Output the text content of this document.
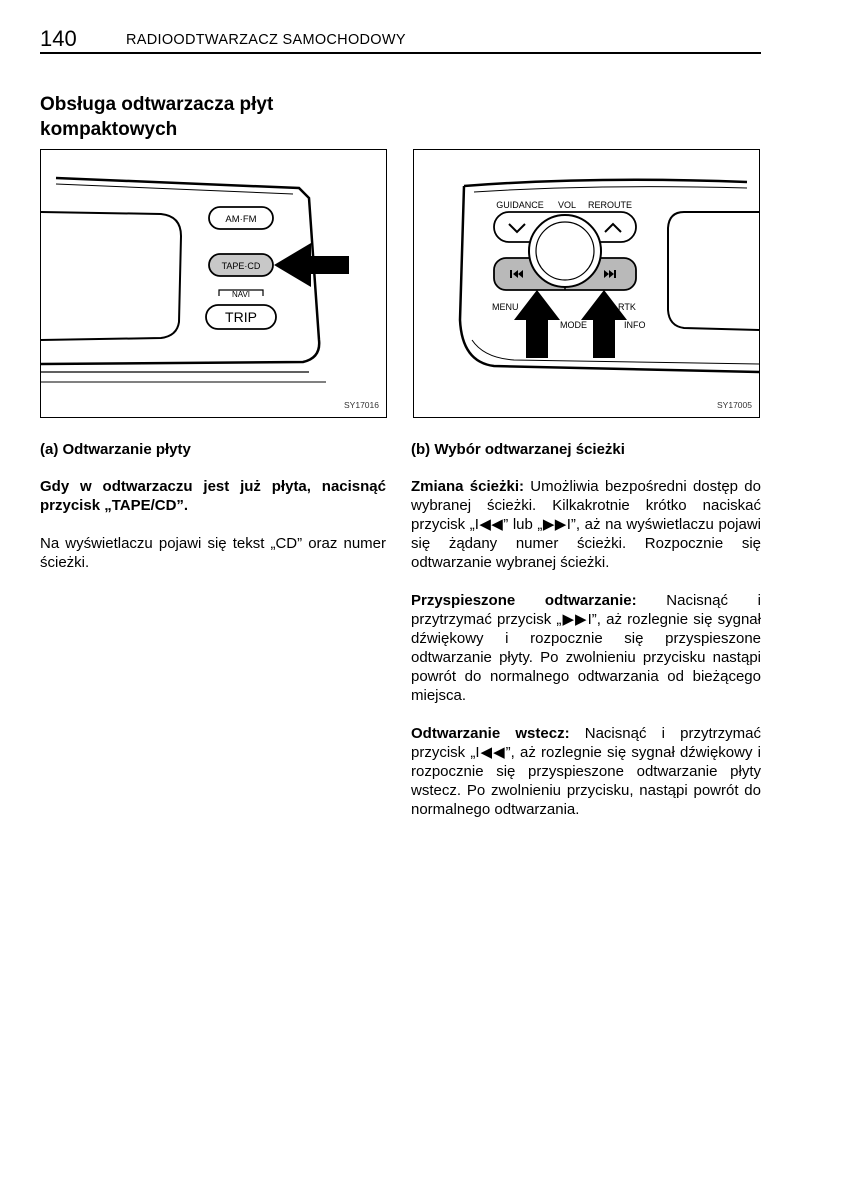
140	RADIOODTWARZACZ SAMOCHODOWY
Obsługa odtwarzacza płyt kompaktowych
AM·FM
TAPE·CD
NAVI
TRIP
SY17016
GUIDANCE VOL REROUTE
MENU
MODE
RTK
INFO
SY17005

(a) Odtwarzanie płyty

Gdy w odtwarzaczu jest już płyta, nacisnąć przycisk „TAPE/CD”.

Na wyświetlaczu pojawi się tekst „CD” oraz numer ścieżki.

(b) Wybór odtwarzanej ścieżki

Zmiana ścieżki: Umożliwia bezpośredni dostęp do wybranej ścieżki. Kilkakrotnie krótko naciskać przycisk „I◀◀” lub „▶▶I”, aż na wyświetlaczu pojawi się żądany numer ścieżki. Rozpocznie się odtwarzanie wybranej ścieżki.

Przyspieszone odtwarzanie: Nacisnąć i przytrzymać przycisk „▶▶I”, aż rozlegnie się sygnał dźwiękowy i rozpocznie się przyspieszone odtwarzanie płyty. Po zwolnieniu przycisku nastąpi powrót do normalnego odtwarzania od bieżącego miejsca.

Odtwarzanie wstecz: Nacisnąć i przytrzymać przycisk „I◀◀”, aż rozlegnie się sygnał dźwiękowy i rozpocznie się przyspieszone odtwarzanie płyty wstecz. Po zwolnieniu przycisku, nastąpi powrót do normalnego odtwarzania.
